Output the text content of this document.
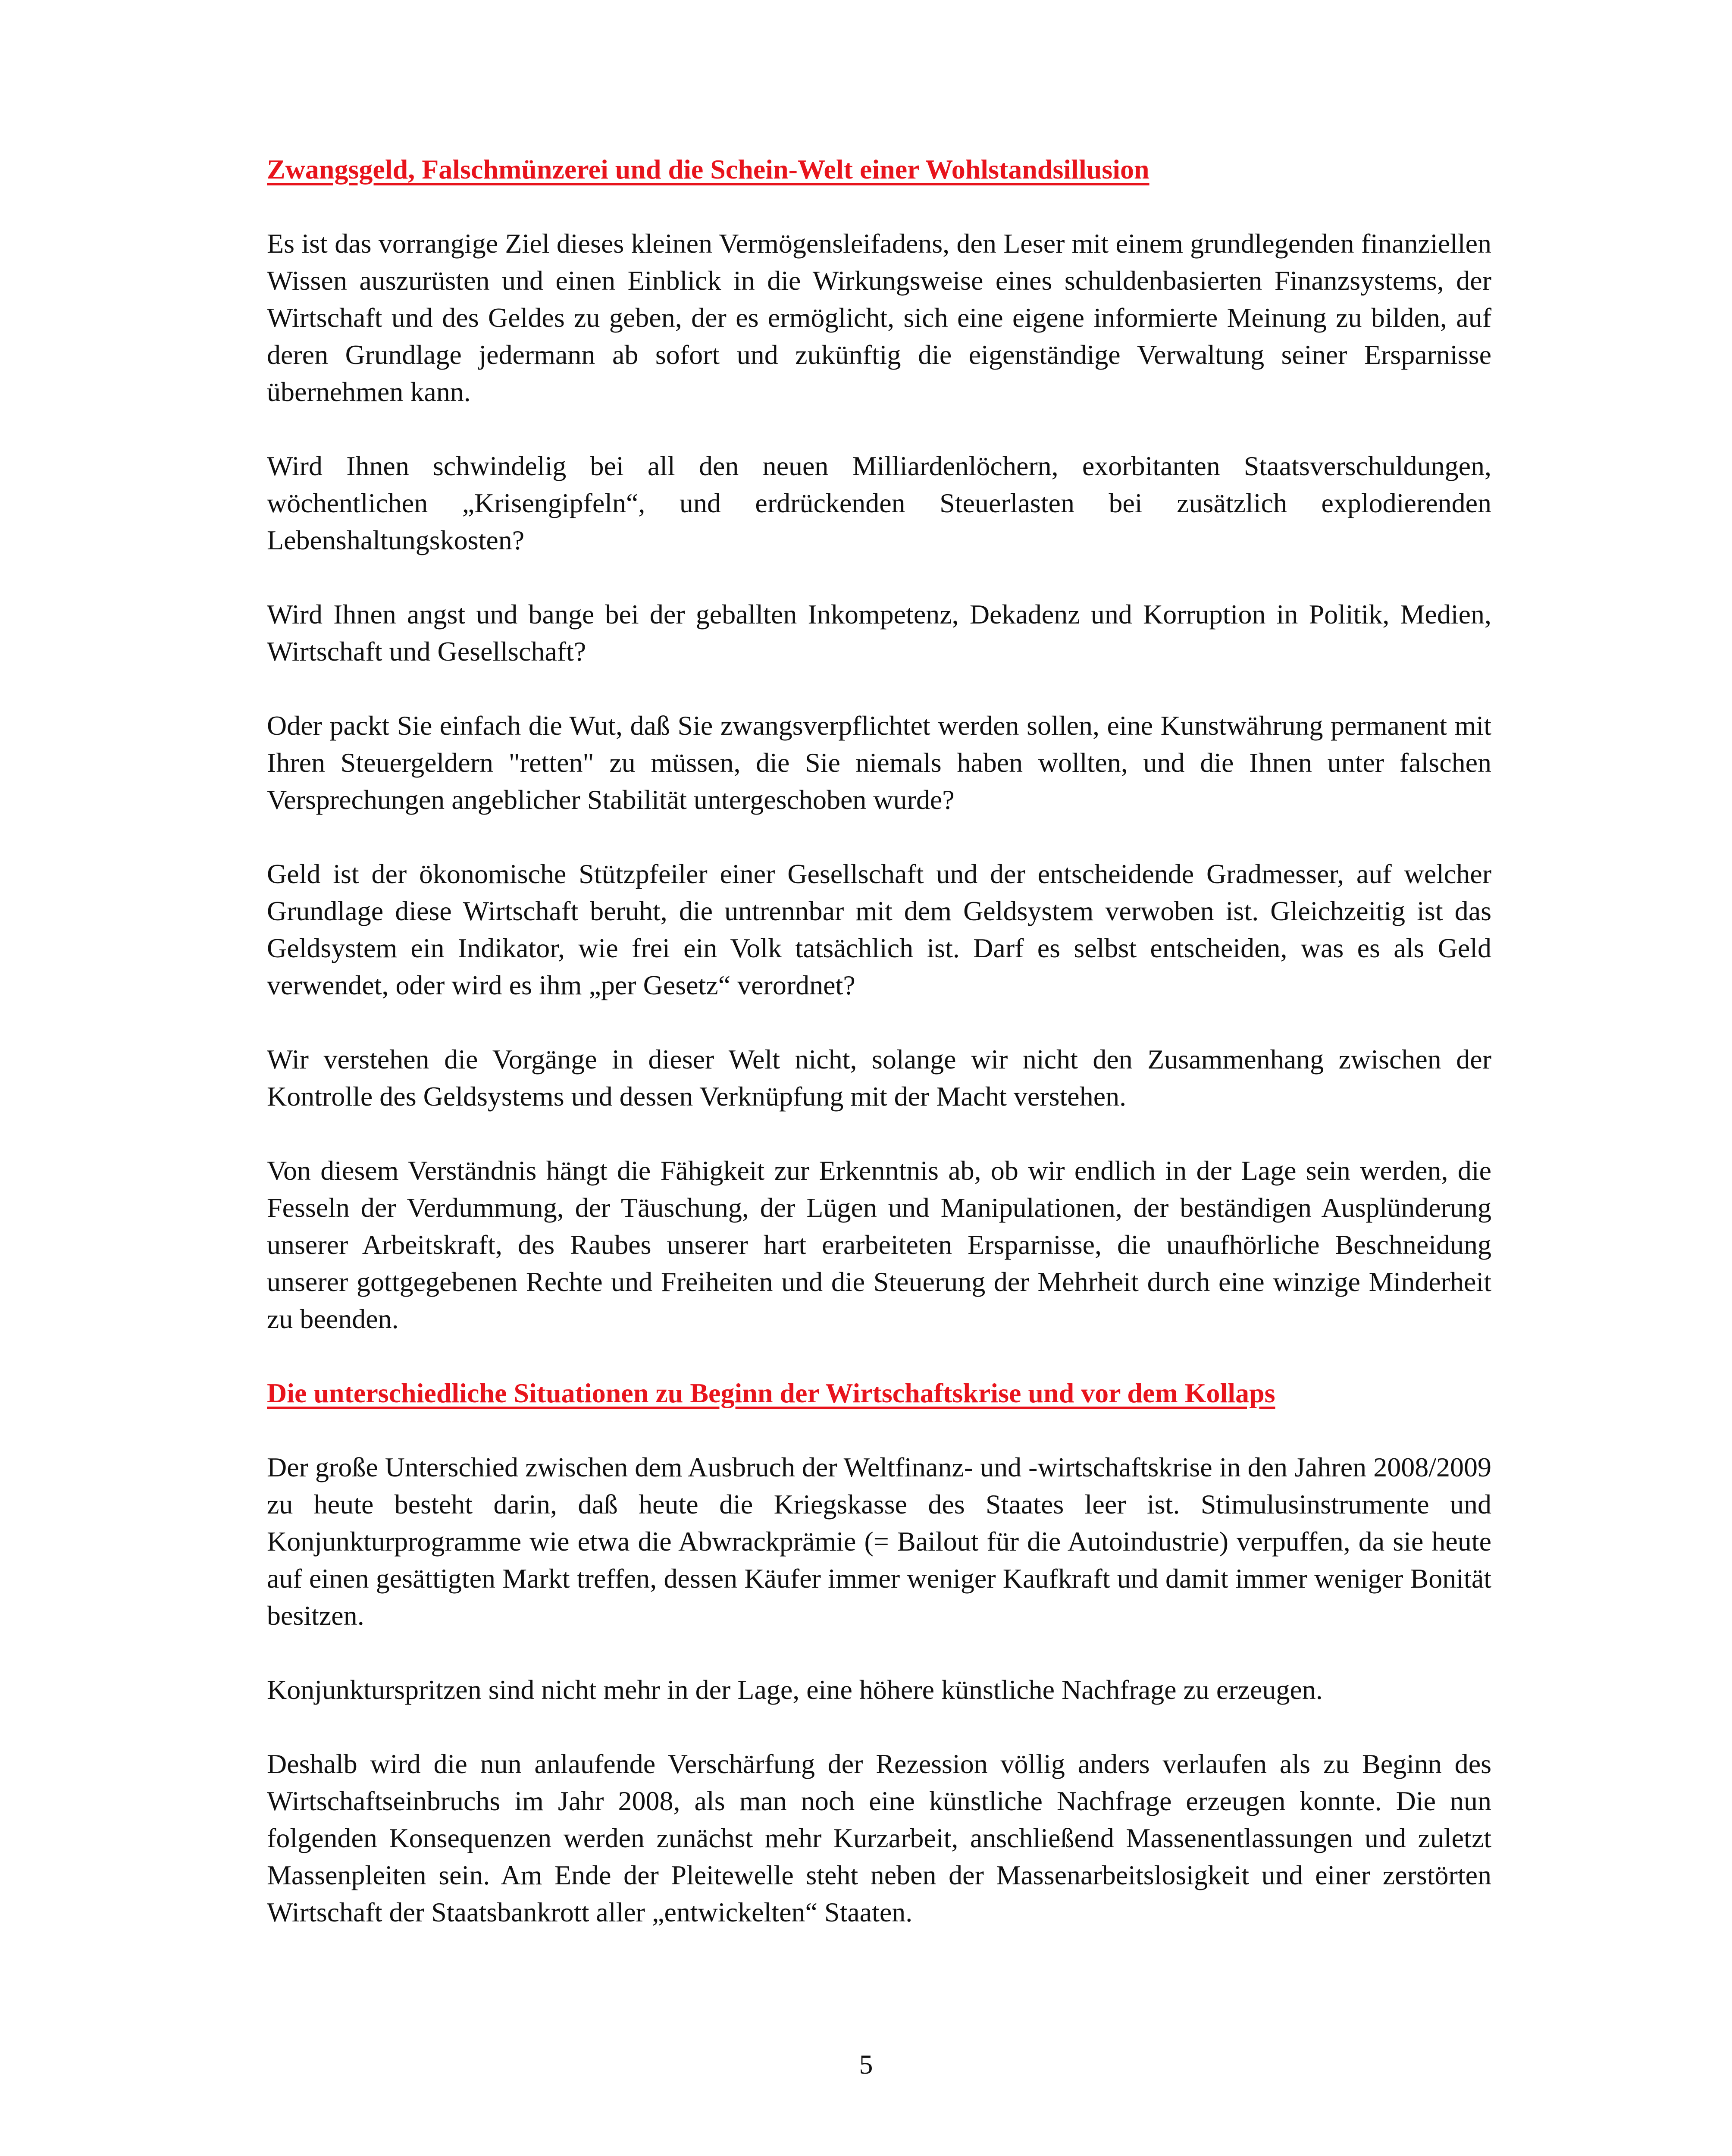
Zwangsgeld, Falschmünzerei und die Schein-Welt einer Wohlstandsillusion

Es ist das vorrangige Ziel dieses kleinen Vermögensleifadens, den Leser mit einem grundlegenden finanziellen Wissen auszurüsten und einen Einblick in die Wirkungsweise eines schuldenbasierten Finanzsystems, der Wirtschaft und des Geldes zu geben, der es ermöglicht, sich eine eigene informierte Meinung zu bilden, auf deren Grundlage jedermann ab sofort und zukünftig die eigenständige Verwaltung seiner Ersparnisse übernehmen kann.

Wird Ihnen schwindelig bei all den neuen Milliardenlöchern, exorbitanten Staatsverschuldungen, wöchentlichen „Krisengipfeln“, und erdrückenden Steuerlasten bei zusätzlich explodierenden Lebenshaltungskosten?

Wird Ihnen angst und bange bei der geballten Inkompetenz, Dekadenz und Korruption in Politik, Medien, Wirtschaft und Gesellschaft?

Oder packt Sie einfach die Wut, daß Sie zwangsverpflichtet werden sollen, eine Kunstwährung permanent mit Ihren Steuergeldern "retten" zu müssen, die Sie niemals haben wollten, und die Ihnen unter falschen Versprechungen angeblicher Stabilität untergeschoben wurde?

Geld ist der ökonomische Stützpfeiler einer Gesellschaft und der entscheidende Gradmesser, auf welcher Grundlage diese Wirtschaft beruht, die untrennbar mit dem Geldsystem verwoben ist. Gleichzeitig ist das Geldsystem ein Indikator, wie frei ein Volk tatsächlich ist. Darf es selbst entscheiden, was es als Geld verwendet, oder wird es ihm „per Gesetz“ verordnet?

Wir verstehen die Vorgänge in dieser Welt nicht, solange wir nicht den Zusammenhang zwischen der Kontrolle des Geldsystems und dessen Verknüpfung mit der Macht verstehen.

Von diesem Verständnis hängt die Fähigkeit zur Erkenntnis ab, ob wir endlich in der Lage sein werden, die Fesseln der Verdummung, der Täuschung, der Lügen und Manipulationen, der beständigen Ausplünderung unserer Arbeitskraft, des Raubes unserer hart erarbeiteten Ersparnisse, die unaufhörliche Beschneidung unserer gottgegebenen Rechte und Freiheiten und die Steuerung der Mehrheit durch eine winzige Minderheit zu beenden.

Die unterschiedliche Situationen zu Beginn der Wirtschaftskrise und vor dem Kollaps

Der große Unterschied zwischen dem Ausbruch der Weltfinanz- und -wirtschaftskrise in den Jahren 2008/2009 zu heute besteht darin, daß heute die Kriegskasse des Staates leer ist. Stimulusinstrumente und Konjunkturprogramme wie etwa die Abwrackprämie (= Bailout für die Autoindustrie) verpuffen, da sie heute auf einen gesättigten Markt treffen, dessen Käufer immer weniger Kaufkraft und damit immer weniger Bonität besitzen.

Konjunkturspritzen sind nicht mehr in der Lage, eine höhere künstliche Nachfrage zu erzeugen.

Deshalb wird die nun anlaufende Verschärfung der Rezession völlig anders verlaufen als zu Beginn des Wirtschaftseinbruchs im Jahr 2008, als man noch eine künstliche Nachfrage erzeugen konnte. Die nun folgenden Konsequenzen werden zunächst mehr Kurzarbeit, anschließend Massenentlassungen und zuletzt Massenpleiten sein. Am Ende der Pleitewelle steht neben der Massenarbeitslosigkeit und einer zerstörten Wirtschaft der Staatsbankrott aller „entwickelten“ Staaten.

5
